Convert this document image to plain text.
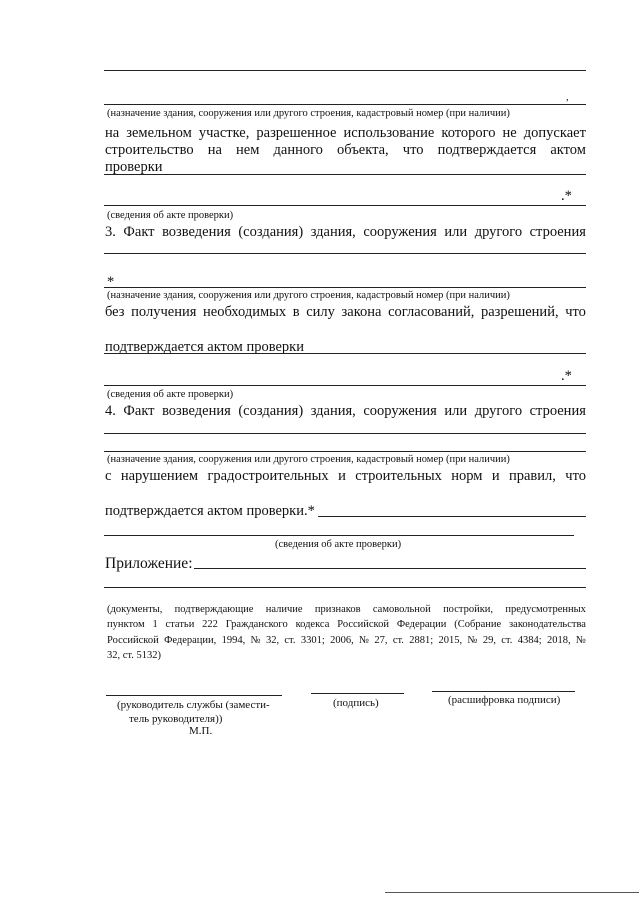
,
(назначение здания, сооружения или другого строения, кадастровый номер (при наличии)
на земельном участке, разрешенное использование которого не допускает
строительство на нем данного объекта, что подтверждается актом
проверки
.*
(сведения об акте проверки)
3. Факт возведения (создания) здания, сооружения или другого строения
*
(назначение здания, сооружения или другого строения, кадастровый номер (при наличии)
без получения необходимых в силу закона согласований, разрешений, что
подтверждается актом проверки
.*
(сведения об акте проверки)
4. Факт возведения (создания) здания, сооружения или другого строения
(назначение здания, сооружения или другого строения, кадастровый номер (при наличии)
с нарушением градостроительных и строительных норм и правил, что
подтверждается актом проверки.*
(сведения об акте проверки)
Приложение:
(документы, подтверждающие наличие признаков самовольной постройки, предусмотренных
пунктом 1 статьи 222 Гражданского кодекса Российской Федерации (Собрание законодательства
Российской Федерации, 1994, № 32, ст. 3301; 2006, № 27, ст. 2881; 2015, № 29, ст. 4384; 2018, №
32, ст. 5132)
(руководитель службы (замести-
тель руководителя))
(подпись)	(расшифровка подписи)
М.П.
